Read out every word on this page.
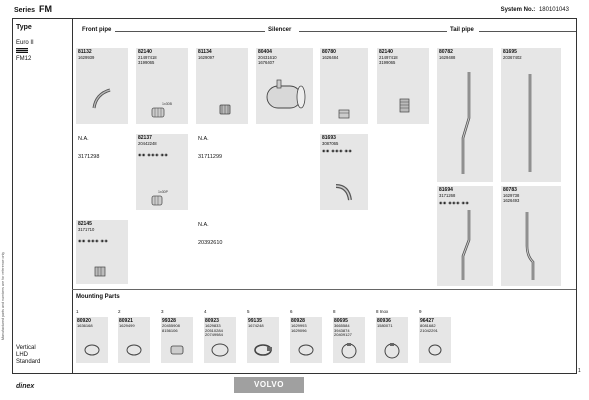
Manufactured parts and numbers are for reference only
Series FM	System No.: 180101043
Type
Euro II
FM12
Vertical
LHD
Standard
Front pipe	Silencer	Tail pipe
81132
1629939
82140
21497418
3199065
1x30B
81134
1629097
80404
20431610
1676407
80780
1626484
82140
21497418
3199065
80782
1629488
81695
20367402
N.A.
3171298
82137
20442248
◉◉ ◉◉◉ ◉◉
1x30P
N.A.
31711299
81693
3087065
◉◉ ◉◉◉ ◉◉
81694
3171268
◉◉ ◉◉◉ ◉◉
80783
1629738
1626493
82145
3171710
◉◉ ◉◉◉ ◉◉
N.A.
20392610
Mounting Parts
1
80920
1636168
2
80921
1629499
3
99328
20455908
8156106
4
80923
1629833
20510284
20749984
5
99135
1674248
6
80928
1629993
1629096
8
80695
3665584
3943874
20409127
8 Inox
80936
1580071
9
96427
8081682
21042291
dinex	VOLVO
1
